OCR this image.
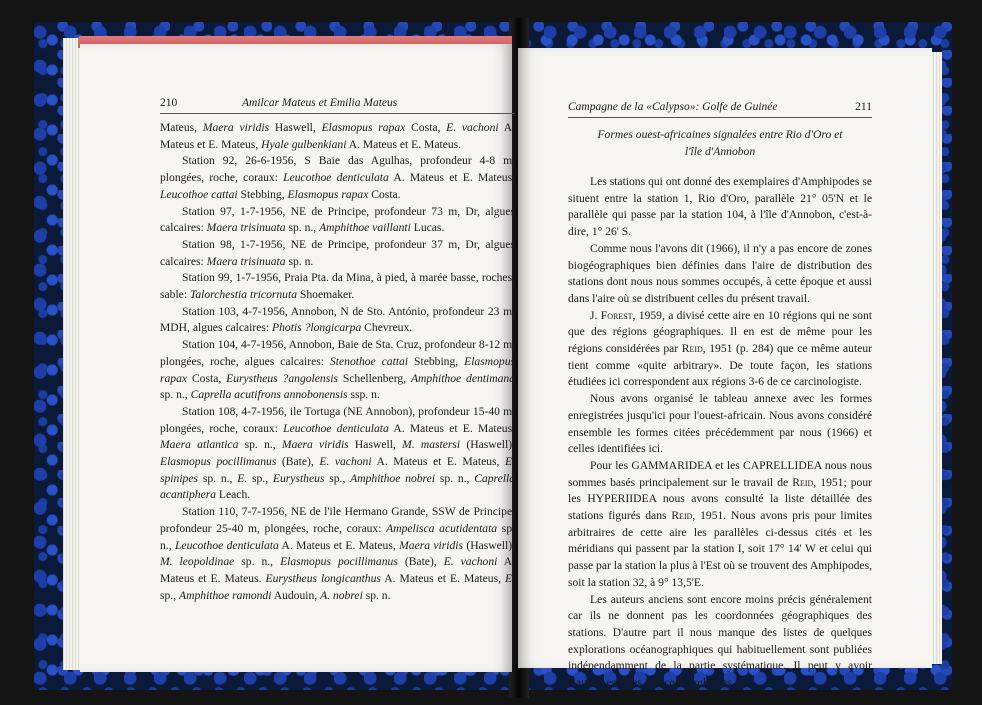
210	Amilcar Mateus et Emilia Mateus

Mateus, Maera viridis Haswell, Elasmopus rapax Costa, E. vachoni A. Mateus et E. Mateus, Hyale gulbenkiani A. Mateus et E. Mateus.

Station 92, 26-6-1956, S Baie das Agulhas, profondeur 4-8 m, plongées, roche, coraux: Leucothoe denticulata A. Mateus et E. Mateus, Leucothoe cattai Stebbing, Elasmopus rapax Costa.

Station 97, 1-7-1956, NE de Principe, profondeur 73 m, Dr, algues calcaires: Maera trisinuata sp. n., Amphithoe vaillanti Lucas.

Station 98, 1-7-1956, NE de Principe, profondeur 37 m, Dr, algues calcaires: Maera trisinuata sp. n.

Station 99, 1-7-1956, Praia Pta. da Mina, à pied, à marée basse, roches, sable: Talorchestia tricornuta Shoemaker.

Station 103, 4-7-1956, Annobon, N de Sto. António, profondeur 23 m, MDH, algues calcaires: Photis ?longicarpa Chevreux.

Station 104, 4-7-1956, Annobon, Baie de Sta. Cruz, profondeur 8-12 m, plongées, roche, algues calcaires: Stenothoe cattai Stebbing, Elasmopus rapax Costa, Eurystheus ?angolensis Schellenberg, Amphithoe dentimana sp. n., Caprella acutifrons annobonensis ssp. n.

Station 108, 4-7-1956, ile Tortuga (NE Annobon), profondeur 15-40 m, plongées, roche, coraux: Leucothoe denticulata A. Mateus et E. Mateus, Maera atlantica sp. n., Maera viridis Haswell, M. mastersi (Haswell), Elasmopus pocillimanus (Bate), E. vachoni A. Mateus et E. Mateus, E. spinipes sp. n., E. sp., Eurystheus sp., Amphithoe nobrei sp. n., Caprella acantiphera Leach.

Station 110, 7-7-1956, NE de l'ile Hermano Grande, SSW de Principe, profondeur 25-40 m, plongées, roche, coraux: Ampelisca acutidentata sp. n., Leucothoe denticulata A. Mateus et E. Mateus, Maera viridis (Haswell), M. leopoldinae sp. n., Elasmopus pocillimanus (Bate), E. vachoni A. Mateus et E. Mateus. Eurystheus longicanthus A. Mateus et E. Mateus, E. sp., Amphithoe ramondi Audouin, A. nobrei sp. n.

Campagne de la «Calypso»: Golfe de Guinée	211
Formes ouest-africaines signalées entre Rio d'Oro et
l'île d'Annobon

Les stations qui ont donné des exemplaires d'Amphipodes se situent entre la station 1, Rio d'Oro, parallèle 21° 05'N et le parallèle qui passe par la station 104, à l'île d'Annobon, c'est-à-dire, 1° 26' S.

Comme nous l'avons dit (1966), il n'y a pas encore de zones biogéographiques bien définies dans l'aire de distribution des stations dont nous nous sommes occupés, à cette époque et aussi dans l'aire où se distribuent celles du présent travail.

J. Forest, 1959, a divisé cette aire en 10 régions qui ne sont que des régions géographiques. Il en est de même pour les régions considérées par Reid, 1951 (p. 284) que ce même auteur tient comme «quite arbitrary». De toute façon, les stations étudiées ici correspondent aux régions 3-6 de ce carcinologiste.

Nous avons organisé le tableau annexe avec les formes enregistrées jusqu'ici pour l'ouest-africain. Nous avons considéré ensemble les formes citées précédemment par nous (1966) et celles identifiées ici.

Pour les GAMMARIDEA et les CAPRELLIDEA nous nous sommes basés principalement sur le travail de Reid, 1951; pour les HYPERIIDEA nous avons consulté la liste détaillée des stations figurés dans Reid, 1951. Nous avons pris pour limites arbitraires de cette aire les parallèles ci-dessus cités et les méridians qui passent par la station I, soit 17° 14' W et celui qui passe par la station la plus à l'Est où se trouvent des Amphipodes, soit la station 32, à 9° 13,5'E.

Les auteurs anciens sont encore moins précis généralement car ils ne donnent pas les coordonnées géographiques des stations. D'autre part il nous manque des listes de quelques explorations océanographiques qui habituellement sont publiées indépendamment de la partie systématique. Il peut y avoir d'autres espèces que celles relevées ici.
